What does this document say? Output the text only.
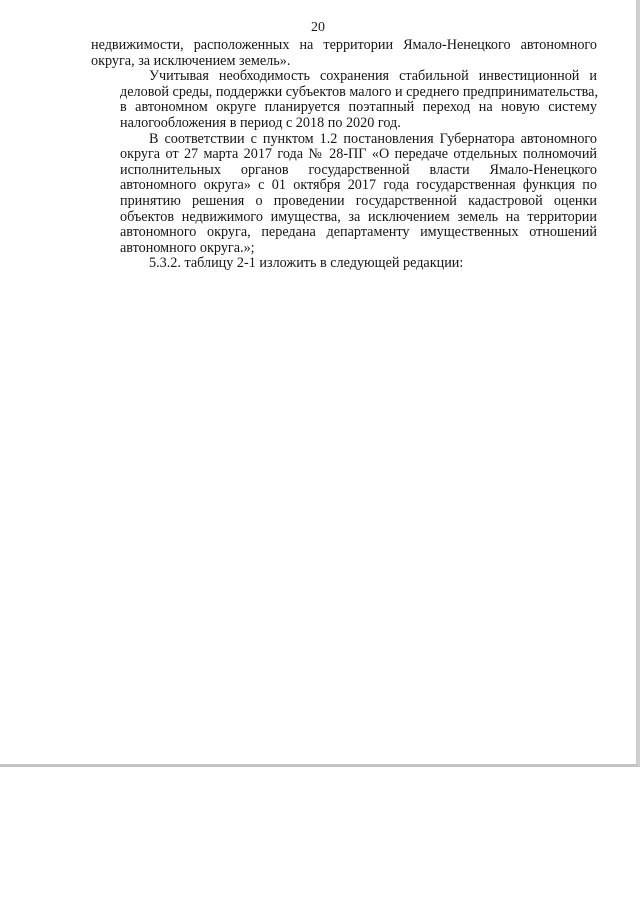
20

недвижимости, расположенных на территории Ямало-Ненецкого автономного
округа, за исключением земель».

Учитывая необходимость сохранения стабильной инвестиционной и
деловой среды, поддержки субъектов малого и среднего предпринимательства,
в автономном округе планируется поэтапный переход на новую систему
налогообложения в период с 2018 по 2020 год.

В соответствии с пунктом 1.2 постановления Губернатора автономного
округа от 27 марта 2017 года № 28-ПГ «О передаче отдельных полномочий
исполнительных органов государственной власти Ямало-Ненецкого
автономного округа» с 01 октября 2017 года государственная функция по
принятию решения о проведении государственной кадастровой оценки
объектов недвижимого имущества, за исключением земель на территории
автономного округа, передана департаменту имущественных отношений
автономного округа.»;

5.3.2. таблицу 2-1 изложить в следующей редакции:
